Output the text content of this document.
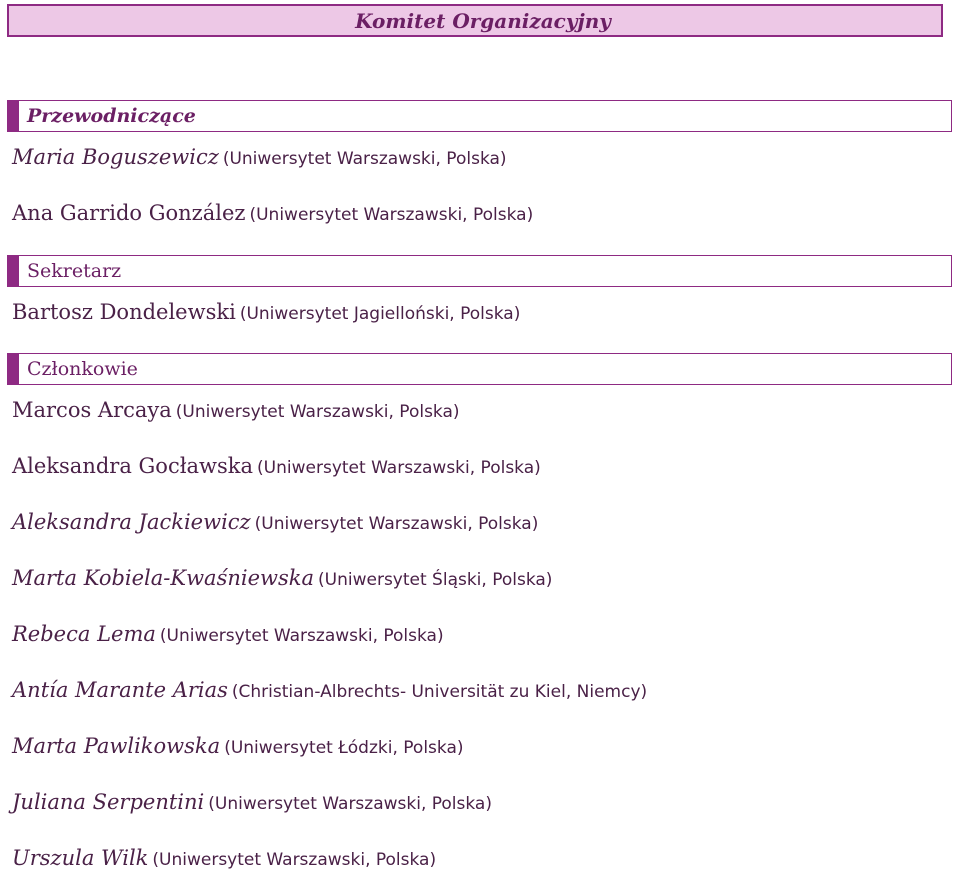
Komitet Organizacyjny
Przewodniczące
Maria Boguszewicz (Uniwersytet Warszawski, Polska)
Ana Garrido González (Uniwersytet Warszawski, Polska)
Sekretarz
Bartosz Dondelewski (Uniwersytet Jagielloński, Polska)
Członkowie
Marcos Arcaya (Uniwersytet Warszawski, Polska)
Aleksandra Gocławska (Uniwersytet Warszawski, Polska)
Aleksandra Jackiewicz (Uniwersytet Warszawski, Polska)
Marta Kobiela-Kwaśniewska (Uniwersytet Śląski, Polska)
Rebeca Lema (Uniwersytet Warszawski, Polska)
Antía Marante Arias (Christian-Albrechts- Universität zu Kiel, Niemcy)
Marta Pawlikowska (Uniwersytet Łódzki, Polska)
Juliana Serpentini (Uniwersytet Warszawski, Polska)
Urszula Wilk (Uniwersytet Warszawski, Polska)
